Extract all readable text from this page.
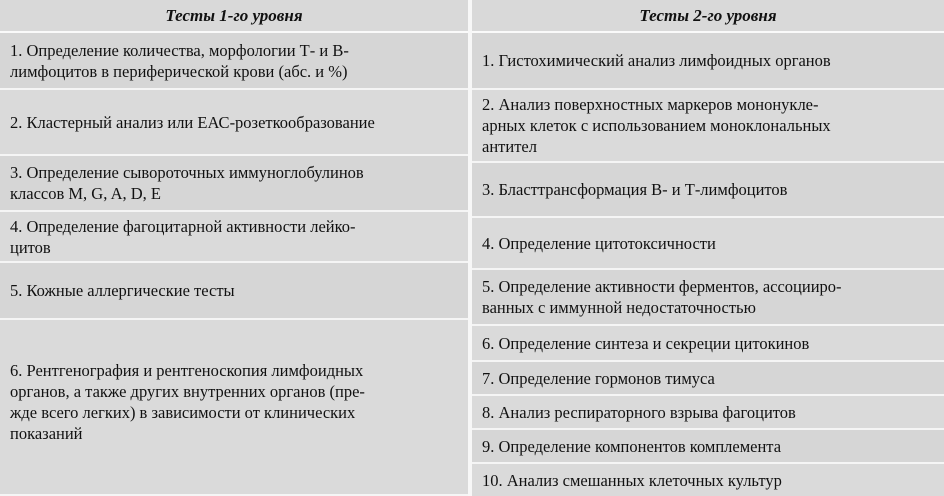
Тесты 1-го уровня
1. Определение количества, морфологии Т- и В-
лимфоцитов в периферической крови (абс. и %)
2. Кластерный анализ или ЕАС-розеткообразование
3. Определение сывороточных иммуноглобулинов
классов M, G, A, D, E
4. Определение фагоцитарной активности лейко-
цитов
5. Кожные аллергические тесты
6. Рентгенография и рентгеноскопия лимфоидных
органов, а также других внутренних органов (пре-
жде всего легких) в зависимости от клинических
показаний
Тесты 2-го уровня
1. Гистохимический анализ лимфоидных органов
2. Анализ поверхностных маркеров мононукле-
арных клеток с использованием моноклональных
антител
3. Бласттрансформация В- и Т-лимфоцитов
4. Определение цитотоксичности
5. Определение активности ферментов, ассоцииро-
ванных с иммунной недостаточностью
6. Определение синтеза и секреции цитокинов
7. Определение гормонов тимуса
8. Анализ респираторного взрыва фагоцитов
9. Определение компонентов комплемента
10. Анализ смешанных клеточных культур
